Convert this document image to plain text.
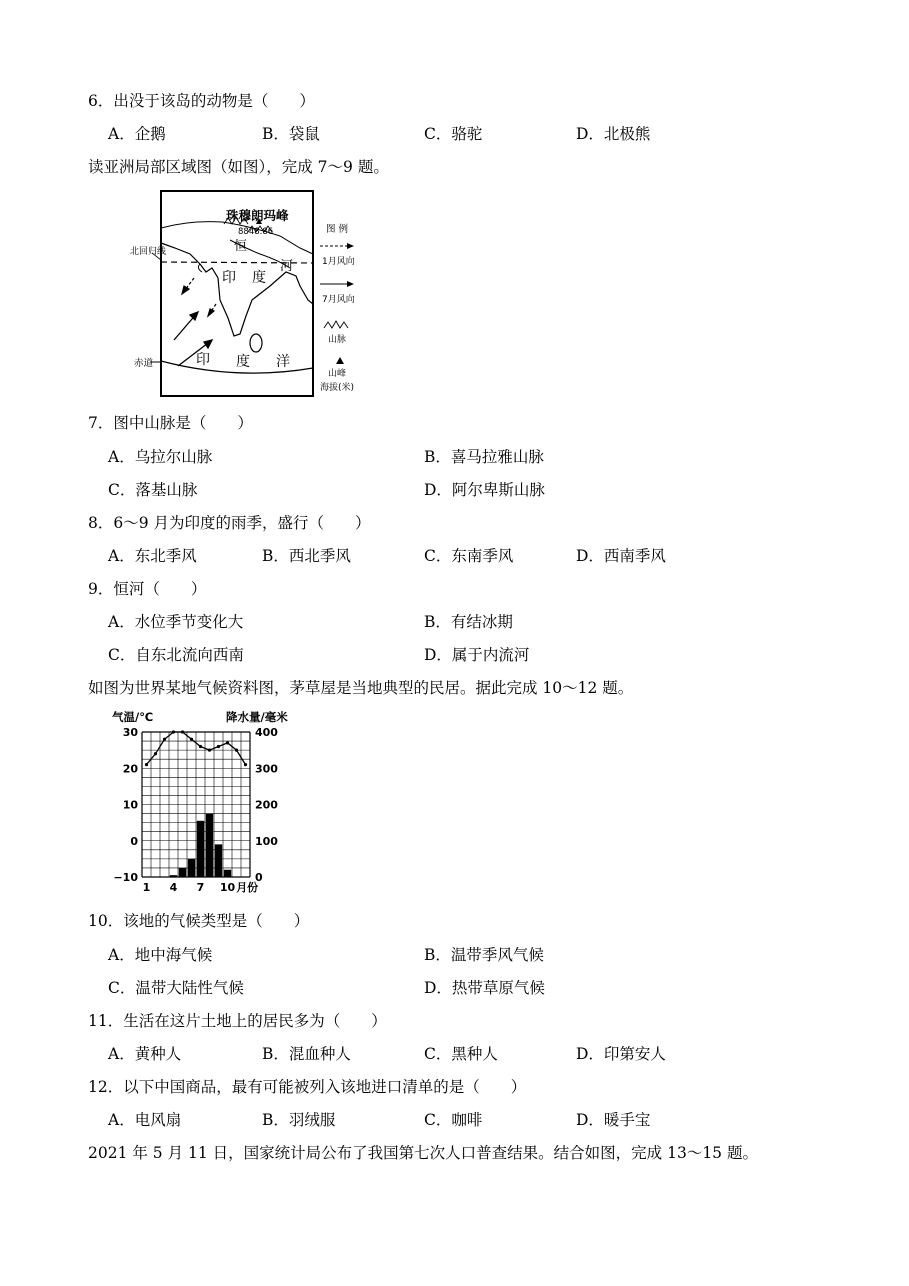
6．出没于该岛的动物是（　　）
A．企鹅	B．袋鼠	C．骆驼	D．北极熊
读亚洲局部区域图（如图），完成 7～9 题。
珠穆朗玛峰
8848.86
恒
河
北回归线
赤道
印 度
印 度 洋
图 例
1月风向
7月风向
山脉
山峰
海拔(米)
7．图中山脉是（　　）
A．乌拉尔山脉	B．喜马拉雅山脉
C．落基山脉	D．阿尔卑斯山脉
8．6～9 月为印度的雨季，盛行（　　）
A．东北季风	B．西北季风	C．东南季风	D．西南季风
9．恒河（　　）
A．水位季节变化大	B．有结冰期
C．自东北流向西南	D．属于内流河
如图为世界某地气候资料图，茅草屋是当地典型的民居。据此完成 10～12 题。
气温/℃	降水量/毫米
30
20
10
0
−10
400
300
200
100
0
1 4 7 10 月份
10．该地的气候类型是（　　）
A．地中海气候	B．温带季风气候
C．温带大陆性气候	D．热带草原气候
11．生活在这片土地上的居民多为（　　）
A．黄种人	B．混血种人	C．黑种人	D．印第安人
12．以下中国商品，最有可能被列入该地进口清单的是（　　）
A．电风扇	B．羽绒服	C．咖啡	D．暖手宝
2021 年 5 月 11 日，国家统计局公布了我国第七次人口普查结果。结合如图，完成 13～15 题。
